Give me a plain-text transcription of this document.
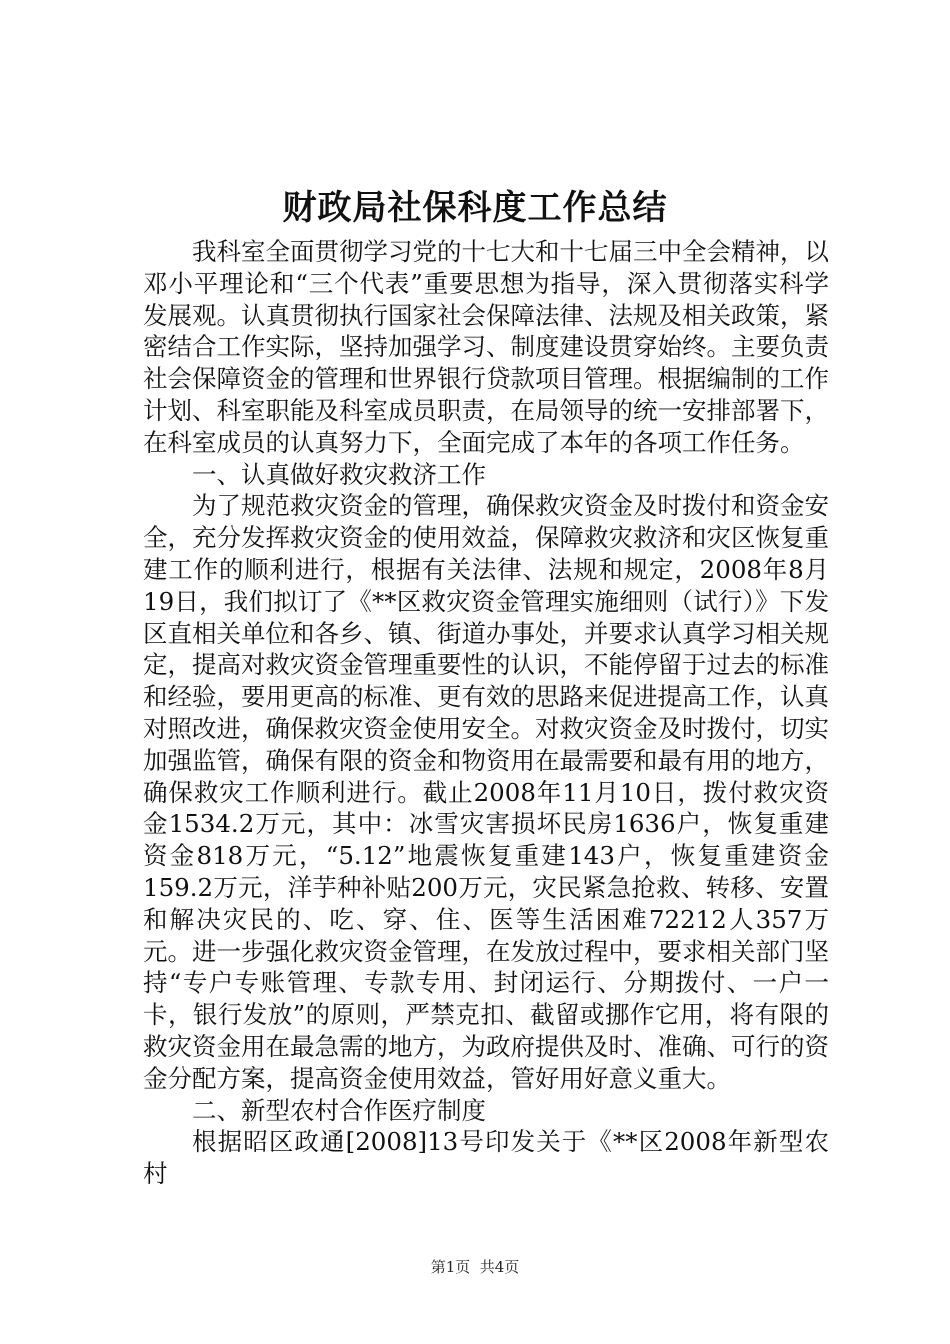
财政局社保科度工作总结

我科室全面贯彻学习党的十七大和十七届三中全会精神，以邓小平理论和“三个代表”重要思想为指导，深入贯彻落实科学发展观。认真贯彻执行国家社会保障法律、法规及相关政策，紧密结合工作实际，坚持加强学习、制度建设贯穿始终。主要负责社会保障资金的管理和世界银行贷款项目管理。根据编制的工作计划、科室职能及科室成员职责，在局领导的统一安排部署下，在科室成员的认真努力下，全面完成了本年的各项工作任务。

一、认真做好救灾救济工作

为了规范救灾资金的管理，确保救灾资金及时拨付和资金安全，充分发挥救灾资金的使用效益，保障救灾救济和灾区恢复重建工作的顺利进行，根据有关法律、法规和规定，2008年8月19日，我们拟订了《**区救灾资金管理实施细则（试行）》下发区直相关单位和各乡、镇、街道办事处，并要求认真学习相关规定，提高对救灾资金管理重要性的认识，不能停留于过去的标准和经验，要用更高的标准、更有效的思路来促进提高工作，认真对照改进，确保救灾资金使用安全。对救灾资金及时拨付，切实加强监管，确保有限的资金和物资用在最需要和最有用的地方，确保救灾工作顺利进行。截止2008年11月10日，拨付救灾资金1534.2万元，其中：冰雪灾害损坏民房1636户，恢复重建资金818万元，“5.12”地震恢复重建143户，恢复重建资金159.2万元，洋芋种补贴200万元，灾民紧急抢救、转移、安置和解决灾民的、吃、穿、住、医等生活困难72212人357万元。进一步强化救灾资金管理，在发放过程中，要求相关部门坚持“专户专账管理、专款专用、封闭运行、分期拨付、一户一卡，银行发放”的原则，严禁克扣、截留或挪作它用，将有限的救灾资金用在最急需的地方，为政府提供及时、准确、可行的资金分配方案，提高资金使用效益，管好用好意义重大。

二、新型农村合作医疗制度

根据昭区政通[2008]13号印发关于《**区2008年新型农村

第1页  共4页
